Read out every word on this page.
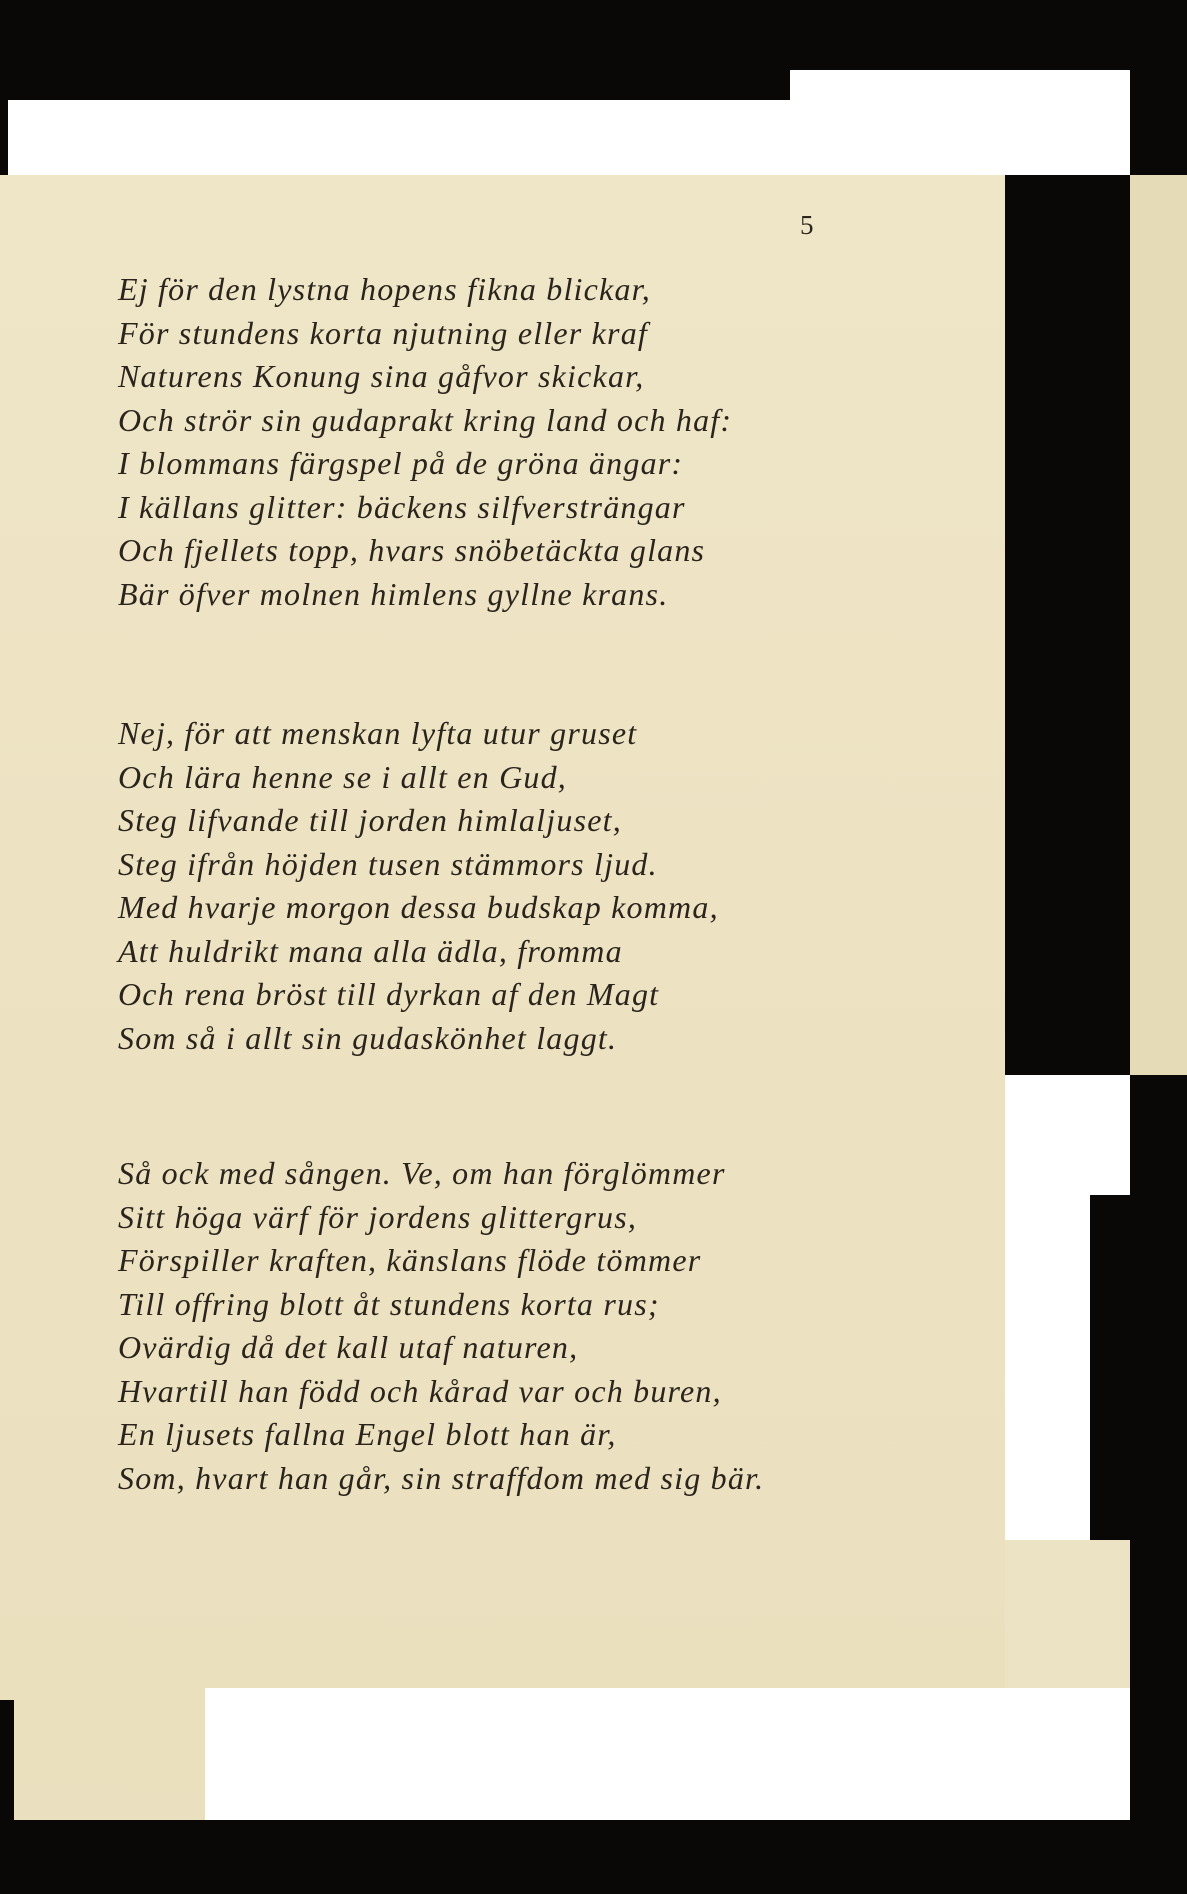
5
Ej för den lystna hopens fikna blickar,
För stundens korta njutning eller kraf
Naturens Konung sina gåfvor skickar,
Och strör sin gudaprakt kring land och haf:
I blommans färgspel på de gröna ängar:
I källans glitter: bäckens silfversträngar
Och fjellets topp, hvars snöbetäckta glans
Bär öfver molnen himlens gyllne krans.
Nej, för att menskan lyfta utur gruset
Och lära henne se i allt en Gud,
Steg lifvande till jorden himlaljuset,
Steg ifrån höjden tusen stämmors ljud.
Med hvarje morgon dessa budskap komma,
Att huldrikt mana alla ädla, fromma
Och rena bröst till dyrkan af den Magt
Som så i allt sin gudaskönhet laggt.
Så ock med sången. Ve, om han förglömmer
Sitt höga värf för jordens glittergrus,
Förspiller kraften, känslans flöde tömmer
Till offring blott åt stundens korta rus;
Ovärdig då det kall utaf naturen,
Hvartill han född och kårad var och buren,
En ljusets fallna Engel blott han är,
Som, hvart han går, sin straffdom med sig bär.
